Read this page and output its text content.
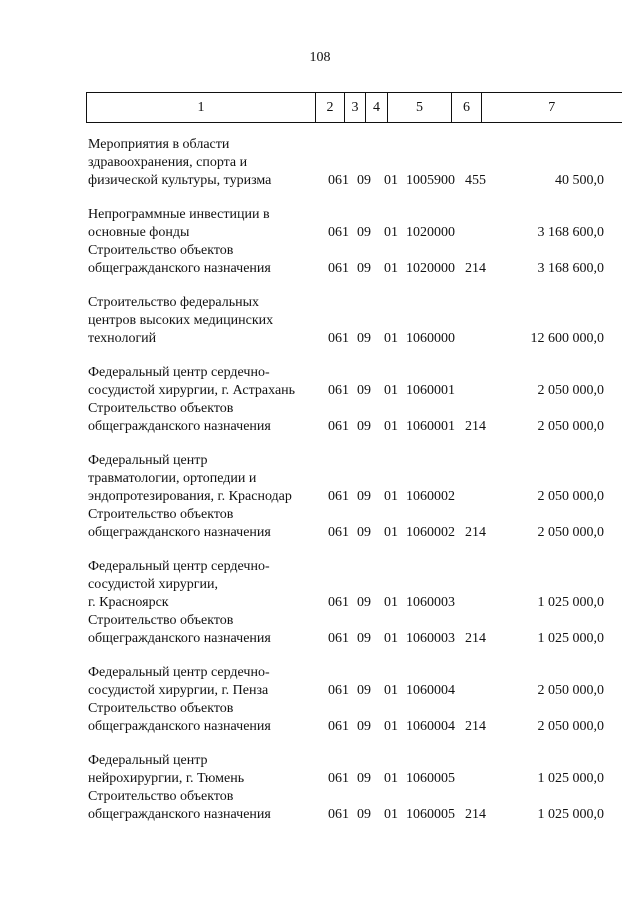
108
1	2	3	4	5	6	7
Мероприятия в области
здравоохранения, спорта и
физической культуры, туризма	061 09 01 1005900 455	40 500,0
Непрограммные инвестиции в
основные фонды	061 09 01 1020000	3 168 600,0
Строительство объектов
общегражданского назначения	061 09 01 1020000 214	3 168 600,0
Строительство федеральных
центров высоких медицинских
технологий	061 09 01 1060000	12 600 000,0
Федеральный центр сердечно-
сосудистой хирургии, г. Астрахань	061 09 01 1060001	2 050 000,0
Строительство объектов
общегражданского назначения	061 09 01 1060001 214	2 050 000,0
Федеральный центр
травматологии, ортопедии и
эндопротезирования, г. Краснодар	061 09 01 1060002	2 050 000,0
Строительство объектов
общегражданского назначения	061 09 01 1060002 214	2 050 000,0
Федеральный центр сердечно-
сосудистой хирургии,
г. Красноярск	061 09 01 1060003	1 025 000,0
Строительство объектов
общегражданского назначения	061 09 01 1060003 214	1 025 000,0
Федеральный центр сердечно-
сосудистой хирургии, г. Пенза	061 09 01 1060004	2 050 000,0
Строительство объектов
общегражданского назначения	061 09 01 1060004 214	2 050 000,0
Федеральный центр
нейрохирургии, г. Тюмень	061 09 01 1060005	1 025 000,0
Строительство объектов
общегражданского назначения	061 09 01 1060005 214	1 025 000,0
